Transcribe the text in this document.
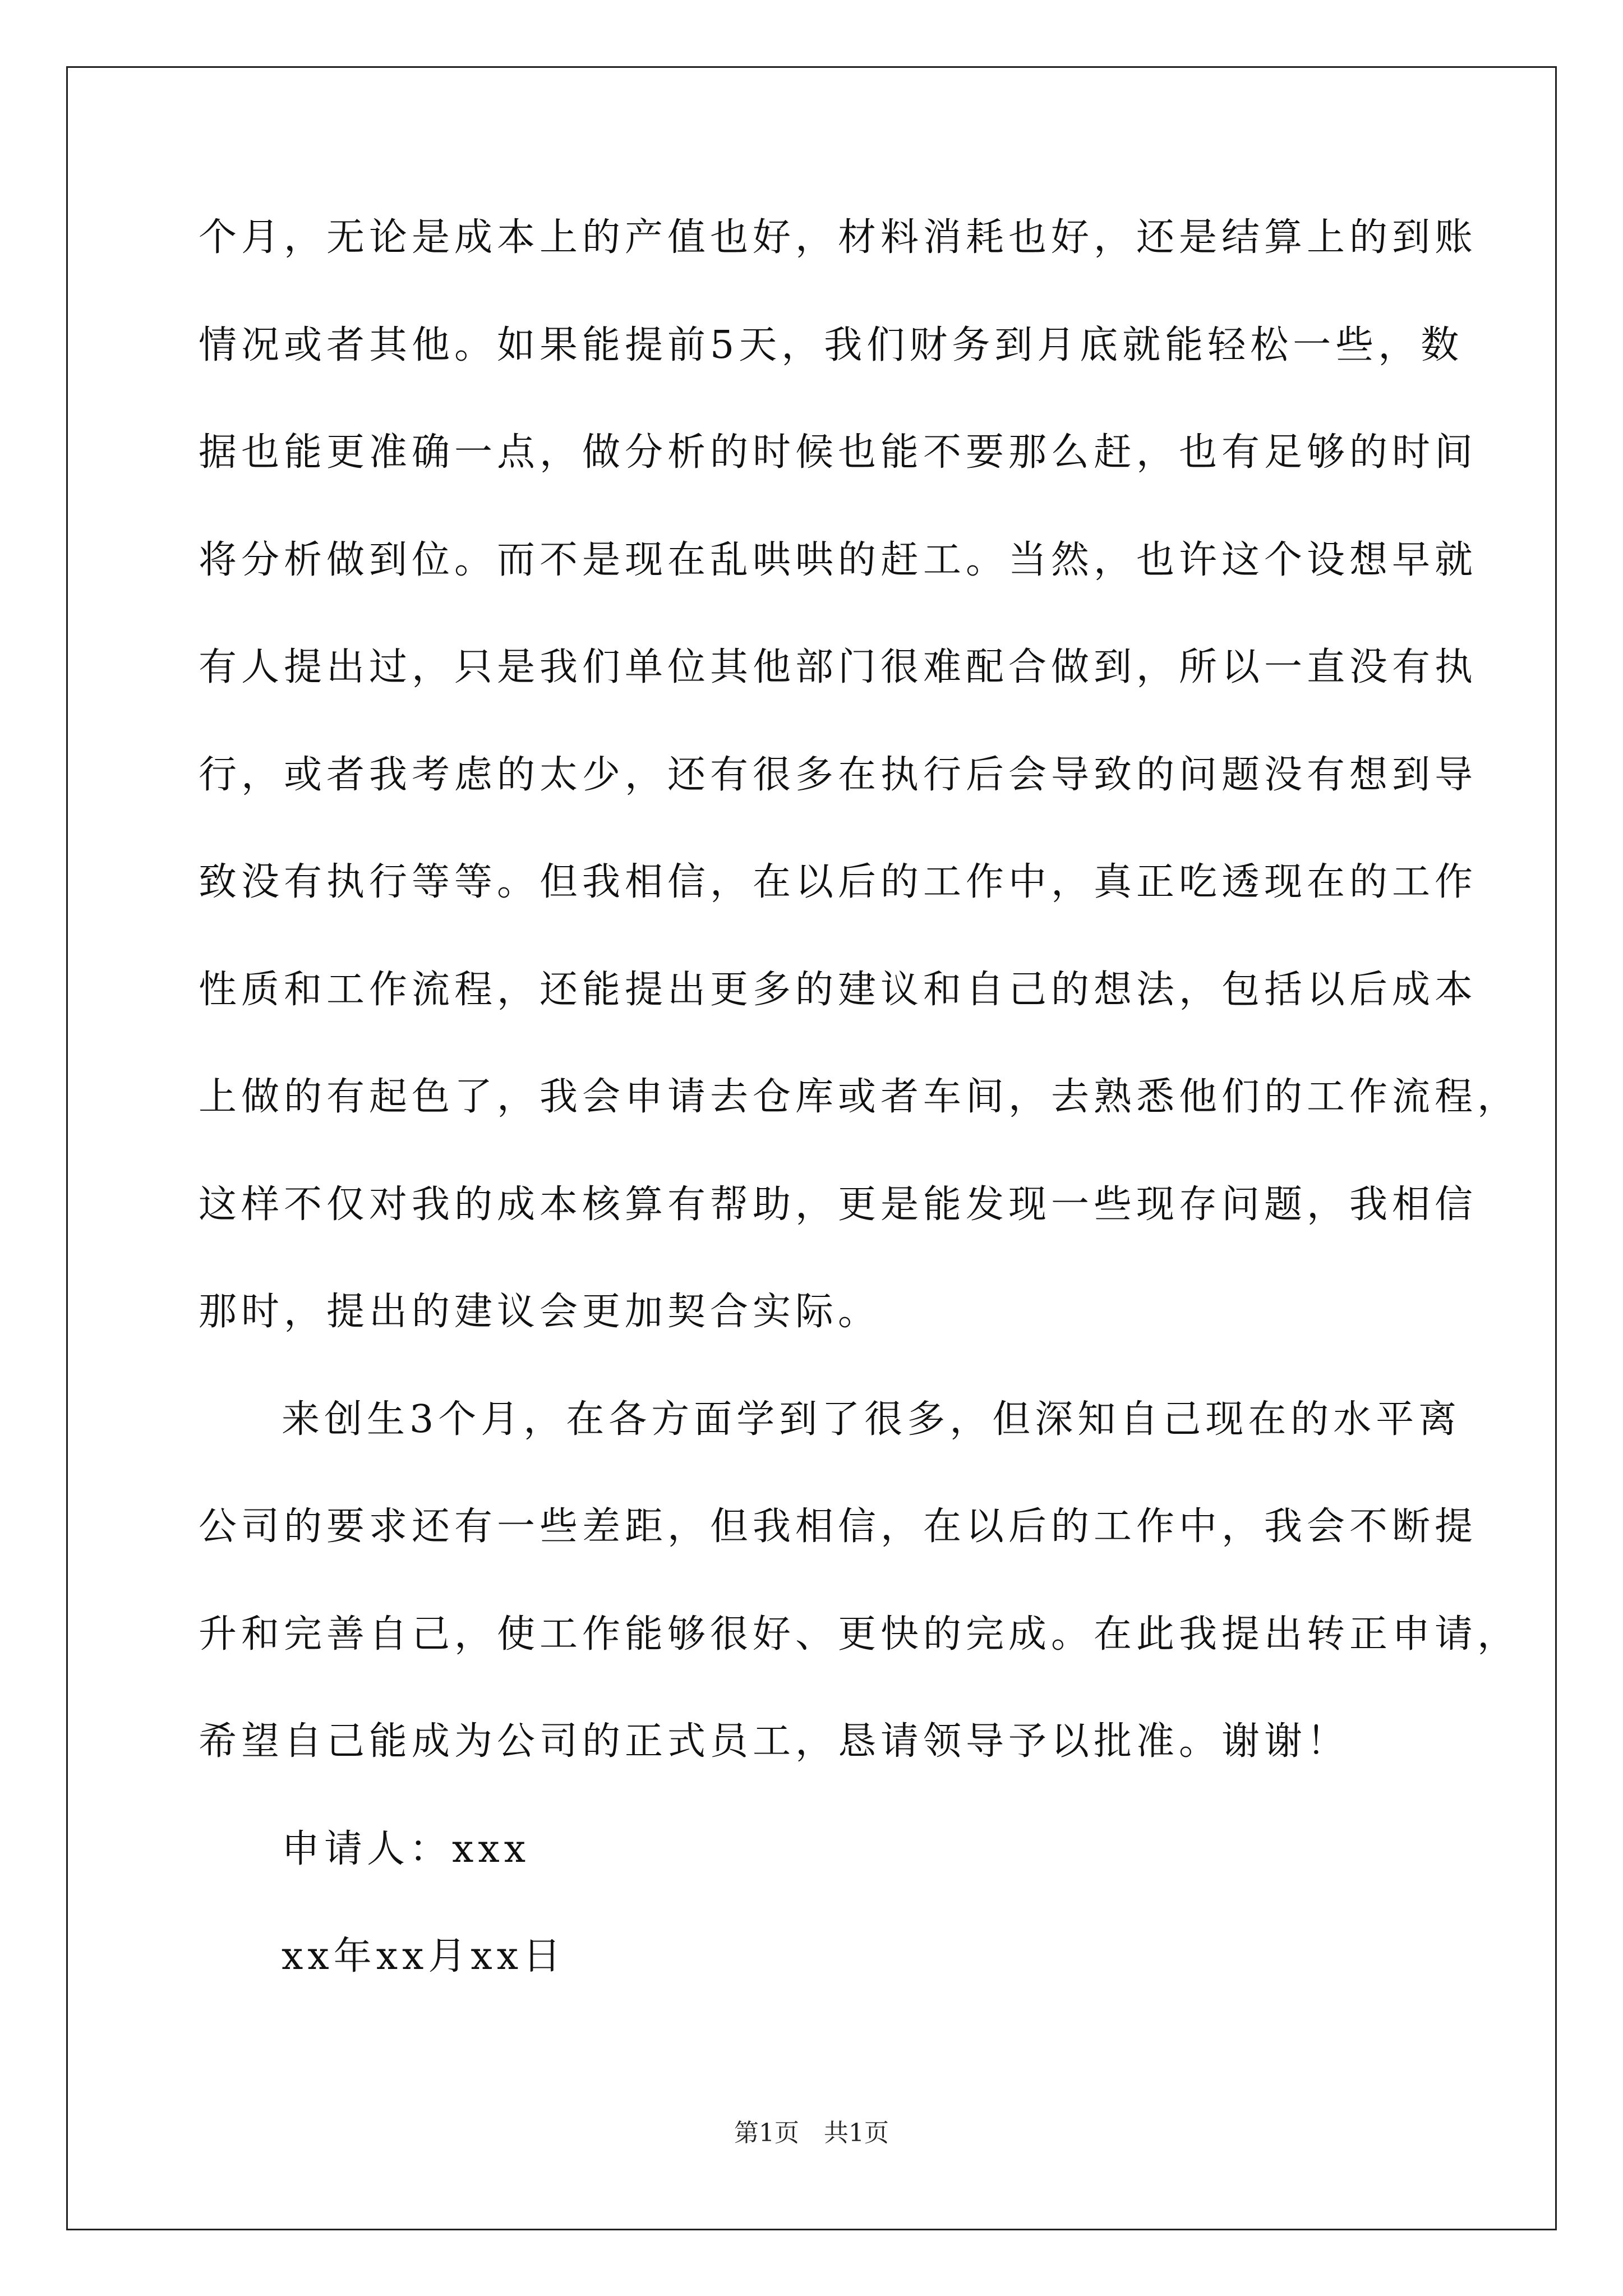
个月，无论是成本上的产值也好，材料消耗也好，还是结算上的到账
情况或者其他。如果能提前5天，我们财务到月底就能轻松一些，数
据也能更准确一点，做分析的时候也能不要那么赶，也有足够的时间
将分析做到位。而不是现在乱哄哄的赶工。当然，也许这个设想早就
有人提出过，只是我们单位其他部门很难配合做到，所以一直没有执
行，或者我考虑的太少，还有很多在执行后会导致的问题没有想到导
致没有执行等等。但我相信，在以后的工作中，真正吃透现在的工作
性质和工作流程，还能提出更多的建议和自己的想法，包括以后成本
上做的有起色了，我会申请去仓库或者车间，去熟悉他们的工作流程，
这样不仅对我的成本核算有帮助，更是能发现一些现存问题，我相信
那时，提出的建议会更加契合实际。
来创生3个月，在各方面学到了很多，但深知自己现在的水平离
公司的要求还有一些差距，但我相信，在以后的工作中，我会不断提
升和完善自己，使工作能够很好、更快的完成。在此我提出转正申请，
希望自己能成为公司的正式员工，恳请领导予以批准。谢谢！
申请人：xxx
xx年xx月xx日
第1页　共1页
